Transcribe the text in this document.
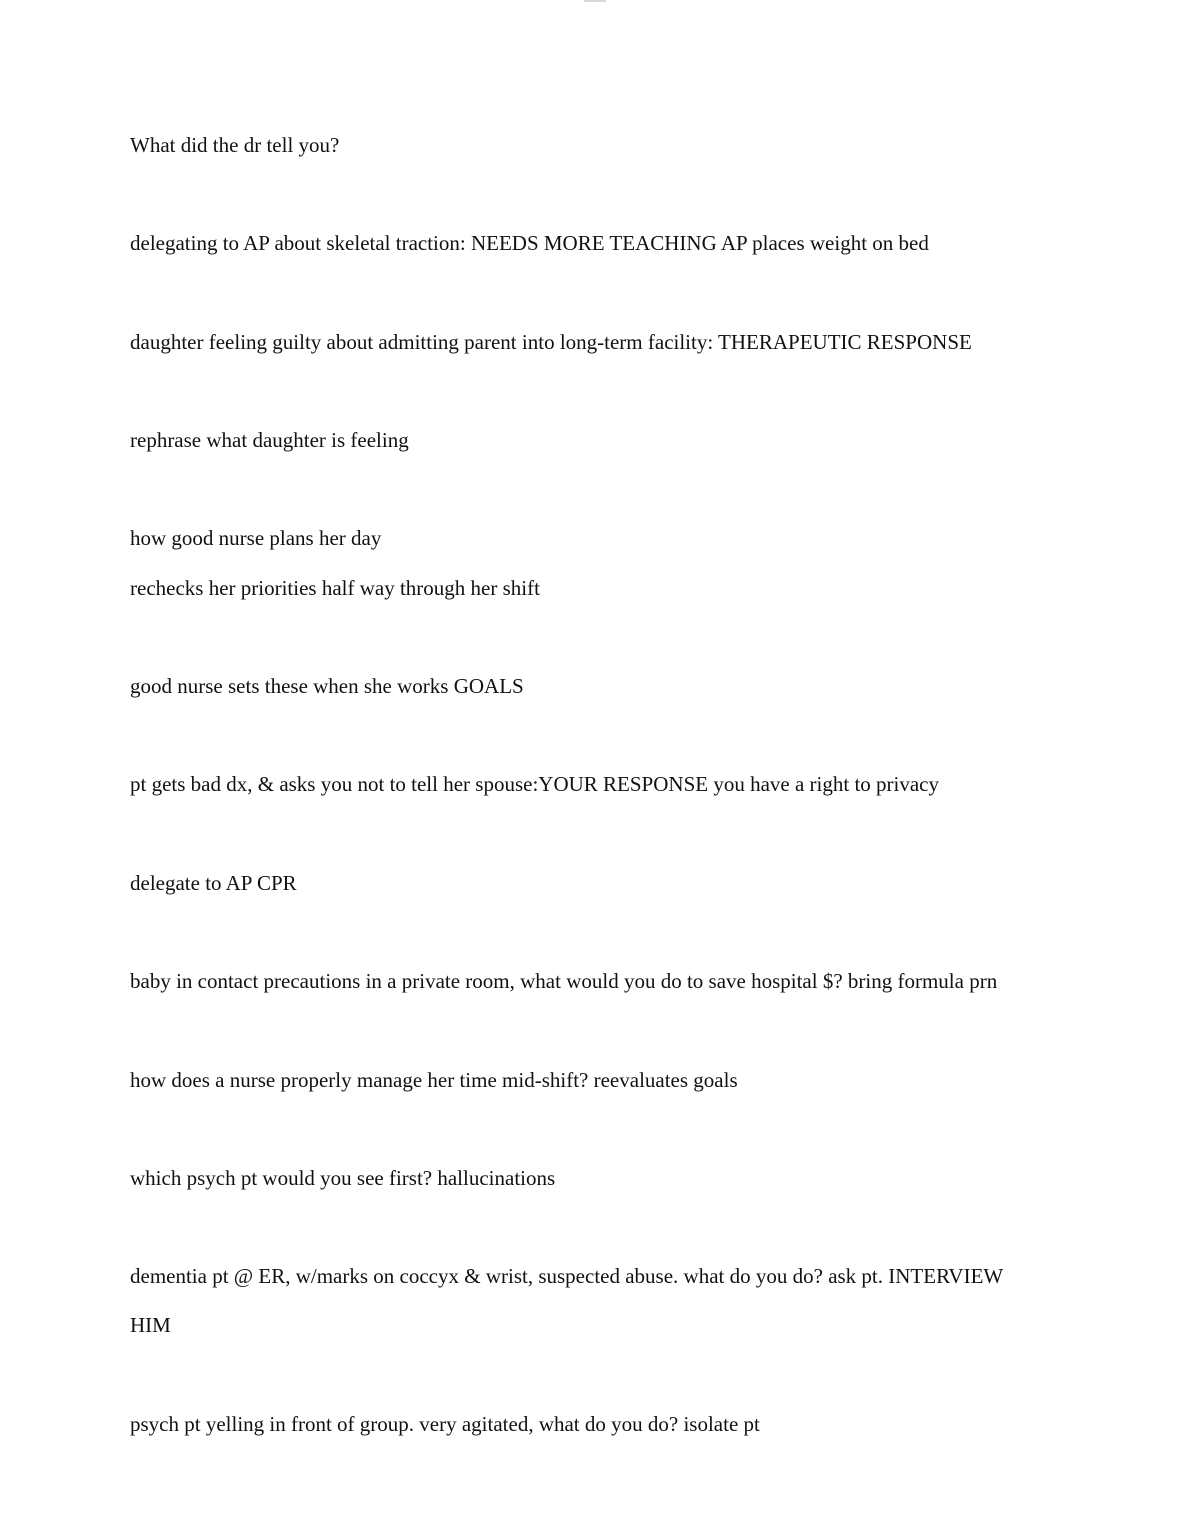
What did the dr tell you?
delegating to AP about skeletal traction: NEEDS MORE TEACHING AP places weight on bed
daughter feeling guilty about admitting parent into long-term facility: THERAPEUTIC RESPONSE
rephrase what daughter is feeling
how good nurse plans her day
rechecks her priorities half way through her shift
good nurse sets these when she works GOALS
pt gets bad dx, & asks you not to tell her spouse:YOUR RESPONSE you have a right to privacy
delegate to AP CPR
baby in contact precautions in a private room, what would you do to save hospital $? bring formula prn
how does a nurse properly manage her time mid-shift? reevaluates goals
which psych pt would you see first? hallucinations
dementia pt @ ER, w/marks on coccyx & wrist, suspected abuse. what do you do? ask pt. INTERVIEW
HIM
psych pt yelling in front of group. very agitated, what do you do? isolate pt
